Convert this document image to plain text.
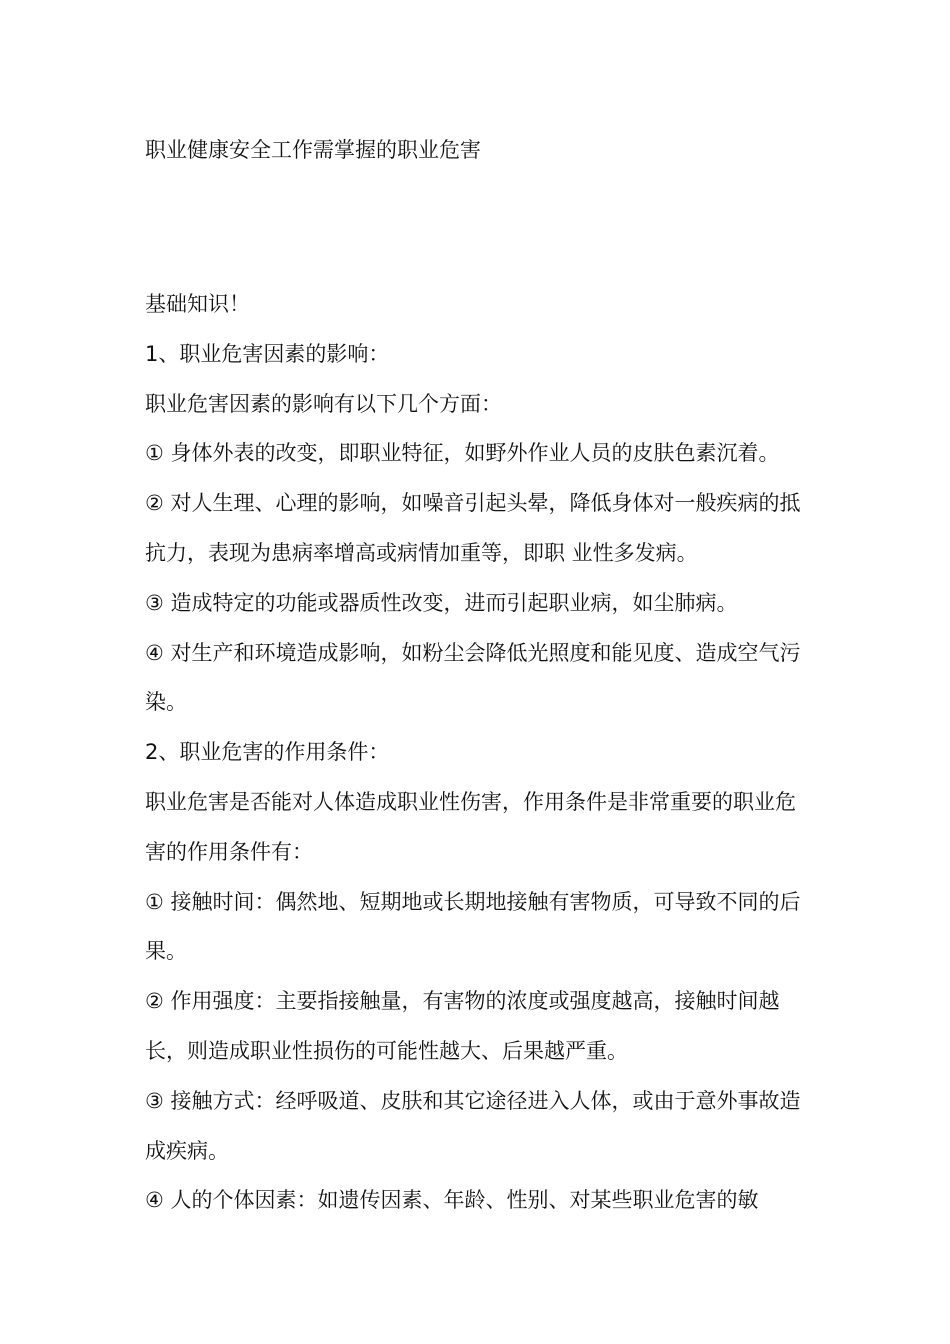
职业健康安全工作需掌握的职业危害

基础知识！

1、职业危害因素的影响：

职业危害因素的影响有以下几个方面：

① 身体外表的改变，即职业特征，如野外作业人员的皮肤色素沉着。

② 对人生理、心理的影响，如噪音引起头晕，降低身体对一般疾病的抵抗力，表现为患病率增高或病情加重等，即职 业性多发病。

③ 造成特定的功能或器质性改变，进而引起职业病，如尘肺病。

④ 对生产和环境造成影响，如粉尘会降低光照度和能见度、造成空气污染。

2、职业危害的作用条件：

职业危害是否能对人体造成职业性伤害，作用条件是非常重要的职业危害的作用条件有：

① 接触时间：偶然地、短期地或长期地接触有害物质，可导致不同的后果。

② 作用强度：主要指接触量，有害物的浓度或强度越高，接触时间越长，则造成职业性损伤的可能性越大、后果越严重。

③ 接触方式：经呼吸道、皮肤和其它途径进入人体，或由于意外事故造成疾病。

④ 人的个体因素：如遗传因素、年龄、性别、对某些职业危害的敏
